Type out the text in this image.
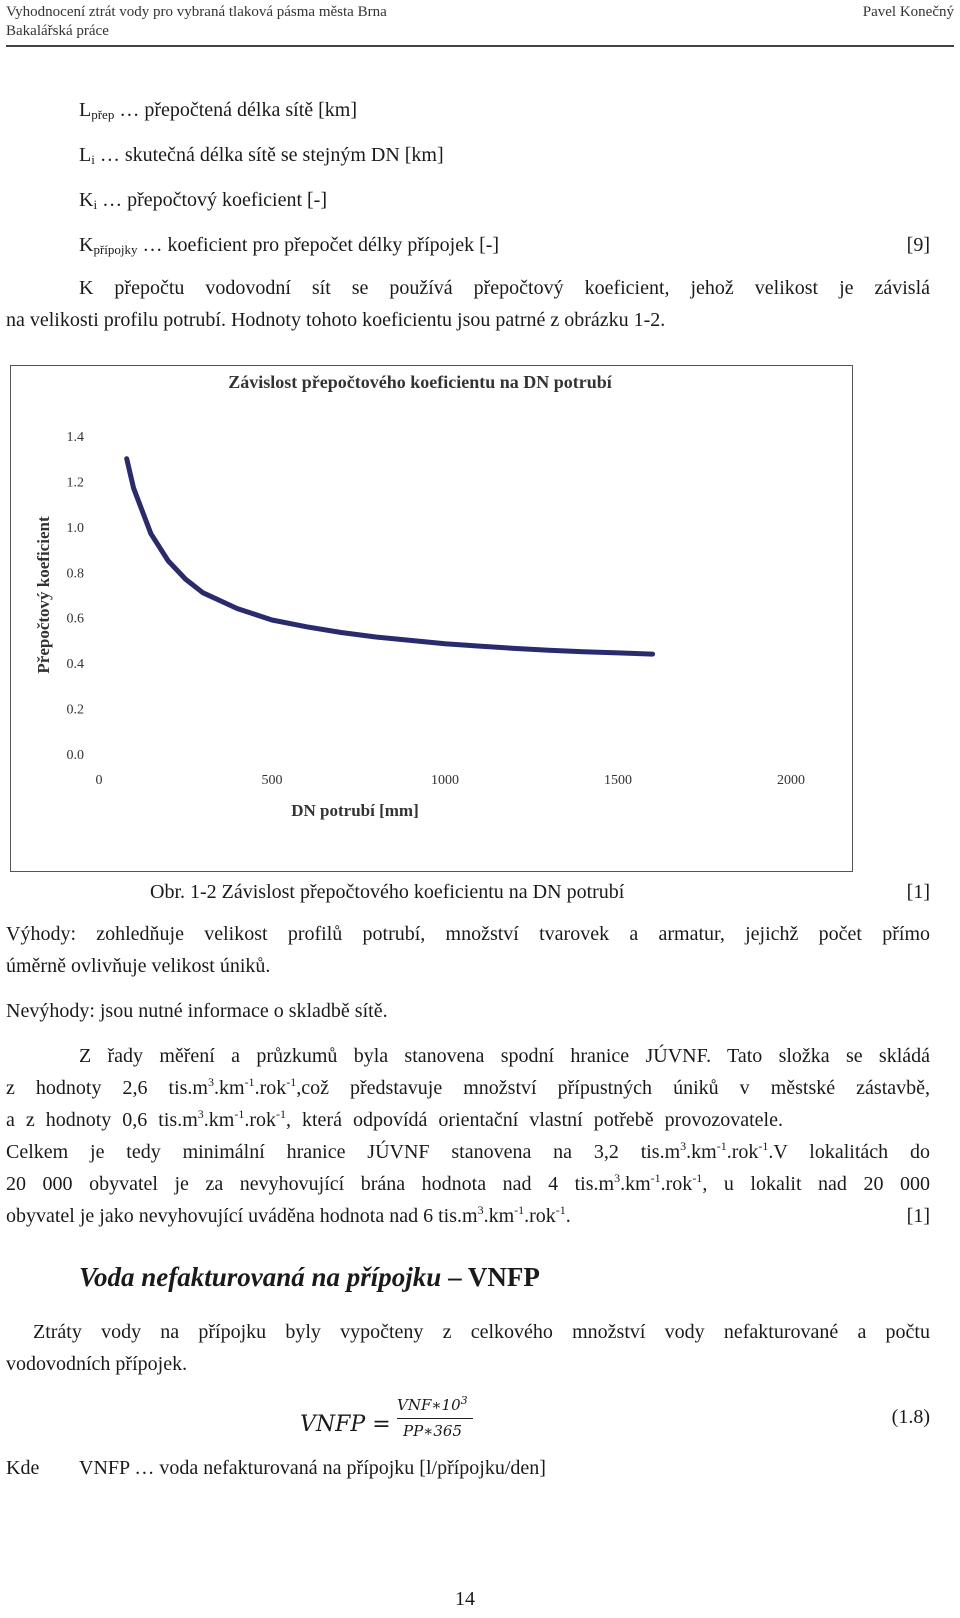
Vyhodnocení ztrát vody pro vybraná tlaková pásma města Brna
Bakalářská práce
Pavel Konečný
$L_{přep}$ … přepočtená délka sítě [km]
$L_i$ … skutečná délka sítě se stejným DN [km]
$K_i$ … přepočtový koeficient [-]
$K_{přípojky}$ … koeficient pro přepočet délky přípojek [-]	[9]
K přepočtu vodovodní sít se používá přepočtový koeficient, jehož velikost je závislá
na velikosti profilu potrubí. Hodnoty tohoto koeficientu jsou patrné z obrázku 1-2.
Závislost přepočtového koeficientu na DN potrubí
0	500	1000	1500	2000
0.0
0.2
0.4
0.6
0.8
1.0
1.2
1.4
DN potrubí [mm]
Přepočtový koeficient
Obr. 1-2 Závislost přepočtového koeficientu na DN potrubí	[1]
Výhody: zohledňuje velikost profilů potrubí, množství tvarovek a armatur, jejichž počet přímo
úměrně ovlivňuje velikost úniků.
Nevýhody: jsou nutné informace o skladbě sítě.
Z řady měření a průzkumů byla stanovena spodní hranice JÚVNF. Tato složka se skládá
z hodnoty 2,6 $tis.m^3.km^{-1}.rok^{-1},což$ představuje množství přípustných úniků v městské zástavbě,
a z hodnoty 0,6 $tis.m^3.km^{-1}.rok^{-1}$, která odpovídá orientační vlastní potřebě provozovatele.
Celkem je tedy minimální hranice JÚVNF stanovena na 3,2 $tis.m^3.km^{-1}.rok^{-1}.V$ lokalitách do
20 000 obyvatel je za nevyhovující brána hodnota nad 4 $tis.m^3.km^{-1}.rok^{-1}$, u lokalit nad 20 000
obyvatel je jako nevyhovující uváděna hodnota nad 6 $tis.m^3.km^{-1}.rok^{-1}$.	[1]
Voda nefakturovaná na přípojku – VNFP
Ztráty vody na přípojku byly vypočteny z celkového množství vody nefakturované a počtu
vodovodních přípojek.
VNFP =
$VNF∗10^3$
PP∗365
(1.8)
Kde VNFP … voda nefakturovaná na přípojku [l/přípojku/den]
14
